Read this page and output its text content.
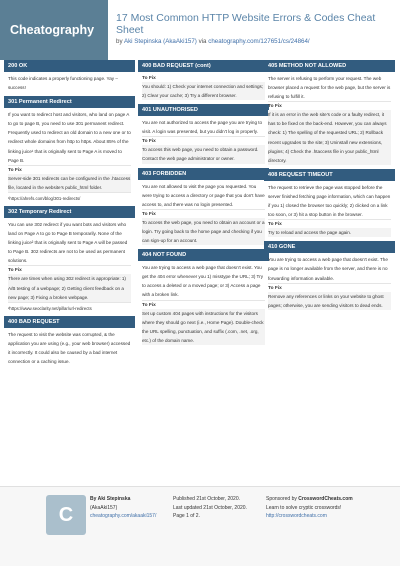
Cheatography
17 Most Common HTTP Website Errors & Codes Cheat Sheet
by Aki Stepinska (AkaAki157) via cheatography.com/127651/cs/24864/
200 OK
This code indicates a properly functioning page. Yay – success!
301 Permanent Redirect
If you want to redirect host and visitors, who land on page A to go to page B, you need to use 301 permanent redirect. Frequently used to redirect an old domain to a new one or to redirect whole domains from http to https. About 85% of the linking juice¹ that is originally sent to Page A is moved to Page B.
To Fix
Server-side 301 redirects can be configured in the .htaccess file, located in the website’s public_html folder.
¹https://ahrefs.com/blog/301-redirects/
302 Temporary Redirect
You can use 302 redirect if you want bots and visitors who land on Page A to go to Page B temporarily. None of the linking juice² that is originally sent to Page A will be passed to Page B. 302 redirects are not to be used as permanent solutions.
To Fix
There are times when using 302 redirect is appropriate: 1) A/B testing of a webpage; 2) Getting client feedback on a new page; 3) Fixing a broken webpage.
²https://www.seoclarity.net/pillar/url-redirects
400 BAD REQUEST
The request to visit the website was corrupted, & the application you are using (e.g., your web browser) accessed it incorrectly. It could also be caused by a bad internet connection or a caching issue.
400 BAD REQUEST (cont)
To Fix
You should: 1) Check your internet connection and settings; 2) Clear your cache; 3) Try a different browser.
401 UNAUTHORISED
You are not authorized to access the page you are trying to visit. A login was presented, but you didn't log in properly.
To Fix
To access this web page, you need to obtain a password. Contact the web page administrator or owner.
403 FORBIDDEN
You are not allowed to visit the page you requested. You were trying to access a directory or page that you don't have access to, and there was no login presented.
To Fix
To access the web page, you need to obtain an account or a login. Try going back to the home page and checking if you can sign-up for an account.
404 NOT FOUND
You are trying to access a web page that doesn't exist. You get the 404 error whenever you 1) misstype the URL; 3) Try to access a deleted or a moved page; or 3) Access a page with a broken link.
To Fix
Set up custom 404 pages with instructions for the visitors where they should go next (i.e., Home Page). Double-check the URL spelling, punctuation, and suffix (.com, .net, .org, etc.) of the domain name.
405 METHOD NOT ALLOWED
The server is refusing to perform your request. The web browser placed a request for the web page, but the server is refusing to fulfill it.
To Fix
If it is an error in the web site's code or a faulty redirect, it has to be fixed on the back-end. However, you can always check: 1) The spelling of the requested URL; 2) Rollback recent upgrades to the site; 3) Uninstall new extensions, plugins; 4) Check the .htaccess file in your public_html directory.
408 REQUEST TIMEOUT
The request to retrieve the page was stopped before the server finished fetching page information, which can happen if you 1) closed the browser too quickly; 2) clicked on a link too soon, or 3) hit a stop button in the browser.
To Fix
Try to reload and access the page again.
410 GONE
You are trying to access a web page that doesn't exist. The page is no longer available from the server, and there is no forwarding information available.
To Fix
Remove any references or links on your website to ghost pages; otherwise, you are sending visitors to dead ends.
C
By Aki Stepinska
(AkaAki157)
cheatography.com/akaaki157/
Published 21st October, 2020.
Last updated 21st October, 2020.
Page 1 of 2.
Sponsored by CrosswordCheats.com
Learn to solve cryptic crosswords!
http://crosswordcheats.com
